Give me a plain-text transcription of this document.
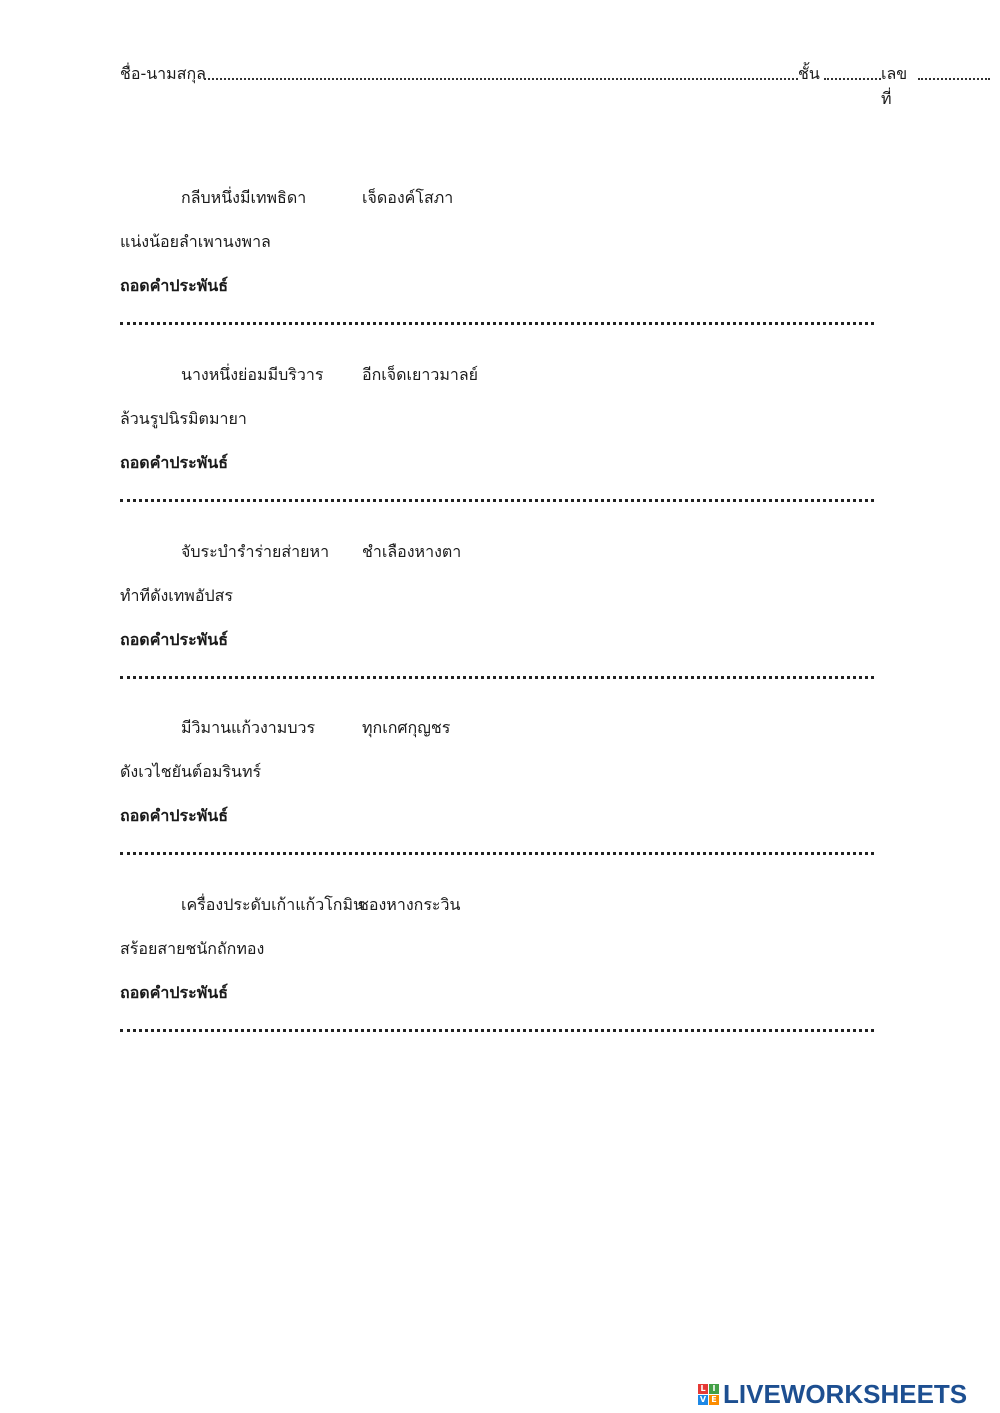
ชื่อ-นามสกุล	ชั้น	เลขที่
กลีบหนึ่งมีเทพธิดา	เจ็ดองค์โสภา
แน่งน้อยลำเพานงพาล
ถอดคำประพันธ์
นางหนึ่งย่อมมีบริวาร อีกเจ็ดเยาวมาลย์
ล้วนรูปนิรมิตมายา
ถอดคำประพันธ์
จับระบำรำร่ายส่ายหา ชำเลืองหางตา
ทำทีดังเทพอัปสร
ถอดคำประพันธ์
มีวิมานแก้วงามบวร	ทุกเกศกุญชร
ดังเวไชยันต์อมรินทร์
ถอดคำประพันธ์
เครื่องประดับเก้าแก้วโกมิน
ซองหางกระวิน
สร้อยสายชนักถักทอง
ถอดคำประพันธ์
L I
V E LIVEWORKSHEETS
